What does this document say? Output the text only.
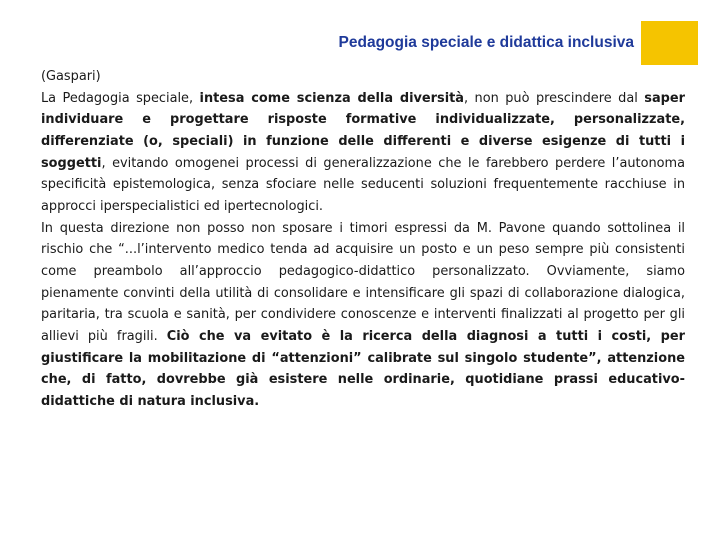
Pedagogia speciale e didattica inclusiva

(Gaspari)

La Pedagogia speciale, intesa come scienza della diversità, non può prescindere dal saper individuare e progettare risposte formative individualizzate, personalizzate, differenziate (o, speciali) in funzione delle differenti e diverse esigenze di tutti i soggetti, evitando omogenei processi di generalizzazione che le farebbero perdere l’autonoma specificità epistemologica, senza sfociare nelle seducenti soluzioni frequentemente racchiuse in approcci iperspecialistici ed ipertecnologici.

In questa direzione non posso non sposare i timori espressi da M. Pavone quando sottolinea il rischio che “...l’intervento medico tenda ad acquisire un posto e un peso sempre più consistenti come preambolo all’approccio pedagogico-didattico personalizzato. Ovviamente, siamo pienamente convinti della utilità di consolidare e intensificare gli spazi di collaborazione dialogica, paritaria, tra scuola e sanità, per condividere conoscenze e interventi finalizzati al progetto per gli allievi più fragili. Ciò che va evitato è la ricerca della diagnosi a tutti i costi, per giustificare la mobilitazione di “attenzioni” calibrate sul singolo studente”, attenzione che, di fatto, dovrebbe già esistere nelle ordinarie, quotidiane prassi educativo-didattiche di natura inclusiva.
